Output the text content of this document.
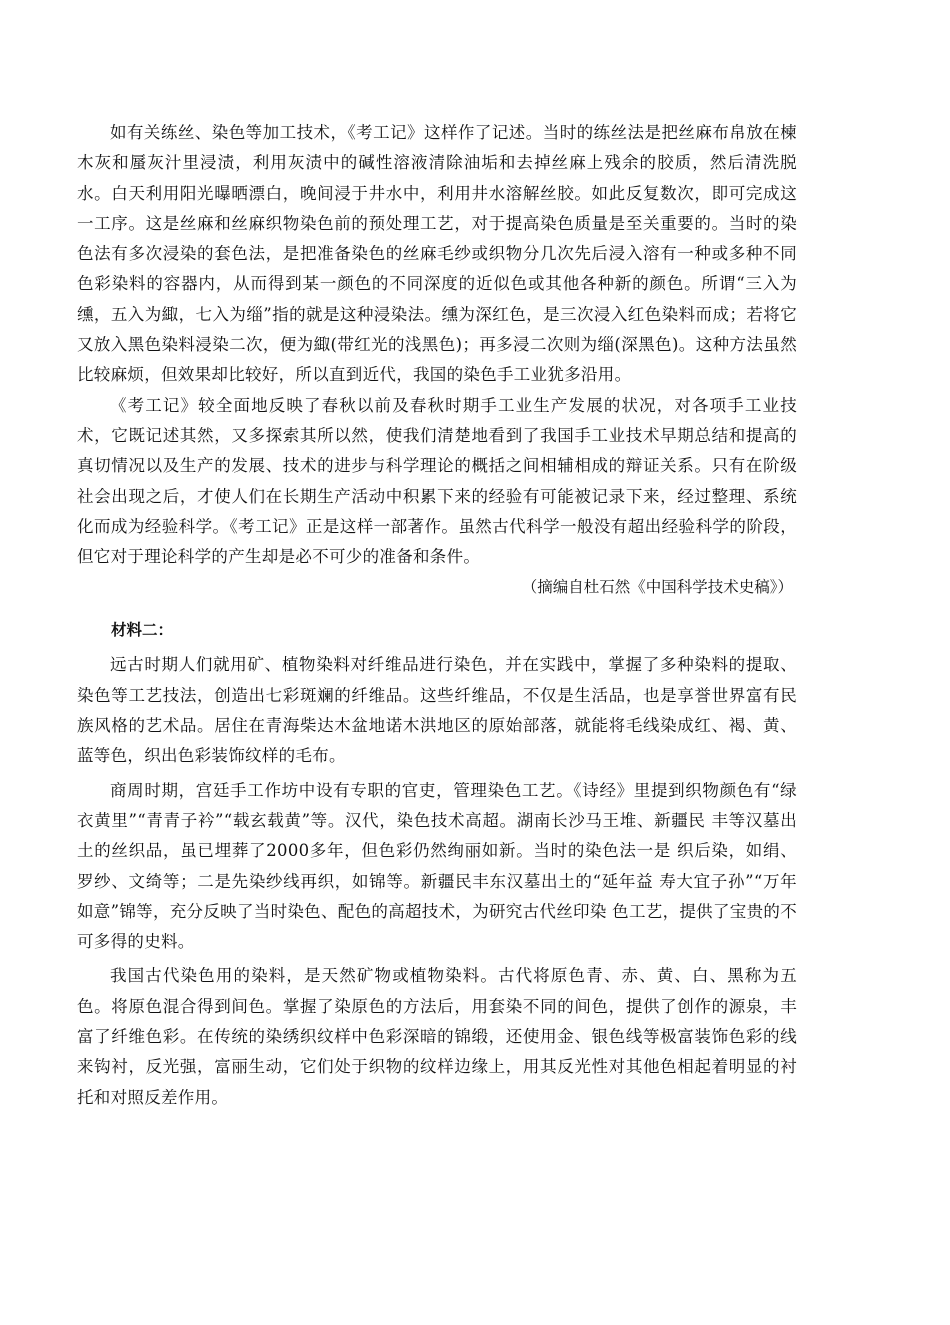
如有关练丝、染色等加工技术，《考工记》这样作了记述。当时的练丝法是把丝麻布帛放在楝木灰和蜃灰汁里浸渍，利用灰渍中的碱性溶液清除油垢和去掉丝麻上残余的胶质，然后清洗脱水。白天利用阳光曝晒漂白，晚间浸于井水中，利用井水溶解丝胶。如此反复数次，即可完成这一工序。这是丝麻和丝麻织物染色前的预处理工艺，对于提高染色质量是至关重要的。当时的染色法有多次浸染的套色法，是把准备染色的丝麻毛纱或织物分几次先后浸入溶有一种或多种不同色彩染料的容器内，从而得到某一颜色的不同深度的近似色或其他各种新的颜色。所谓“三入为𫄸，五入为緅，七入为缁”指的就是这种浸染法。𫄸为深红色，是三次浸入红色染料而成；若将它又放入黑色染料浸染二次，便为緅(带红光的浅黑色)；再多浸二次则为缁(深黑色)。这种方法虽然比较麻烦，但效果却比较好，所以直到近代，我国的染色手工业犹多沿用。

《考工记》较全面地反映了春秋以前及春秋时期手工业生产发展的状况，对各项手工业技术，它既记述其然，又多探索其所以然，使我们清楚地看到了我国手工业技术早期总结和提高的真切情况以及生产的发展、技术的进步与科学理论的概括之间相辅相成的辩证关系。只有在阶级社会出现之后，才使人们在长期生产活动中积累下来的经验有可能被记录下来，经过整理、系统化而成为经验科学。《考工记》正是这样一部著作。虽然古代科学一般没有超出经验科学的阶段，但它对于理论科学的产生却是必不可少的准备和条件。

（摘编自杜石然《中国科学技术史稿》）

材料二：

远古时期人们就用矿、植物染料对纤维品进行染色，并在实践中，掌握了多种染料的提取、染色等工艺技法，创造出七彩斑斓的纤维品。这些纤维品，不仅是生活品，也是享誉世界富有民族风格的艺术品。居住在青海柴达木盆地诺木洪地区的原始部落，就能将毛线染成红、褐、黄、蓝等色，织出色彩装饰纹样的毛布。

商周时期，宫廷手工作坊中设有专职的官吏，管理染色工艺。《诗经》里提到织物颜色有“绿衣黄里”“青青子衿”“载玄载黄”等。汉代，染色技术高超。湖南长沙马王堆、新疆民 丰等汉墓出土的丝织品，虽已埋葬了2000多年，但色彩仍然绚丽如新。当时的染色法一是 织后染，如绢、罗纱、文绮等；二是先染纱线再织，如锦等。新疆民丰东汉墓出土的“延年益 寿大宜子孙”“万年如意”锦等，充分反映了当时染色、配色的高超技术，为研究古代丝印染 色工艺，提供了宝贵的不可多得的史料。

我国古代染色用的染料，是天然矿物或植物染料。古代将原色青、赤、黄、白、黑称为五色。将原色混合得到间色。掌握了染原色的方法后，用套染不同的间色，提供了创作的源泉，丰富了纤维色彩。在传统的染绣织纹样中色彩深暗的锦缎，还使用金、银色线等极富装饰色彩的线来钩衬，反光强，富丽生动，它们处于织物的纹样边缘上，用其反光性对其他色相起着明显的衬托和对照反差作用。
